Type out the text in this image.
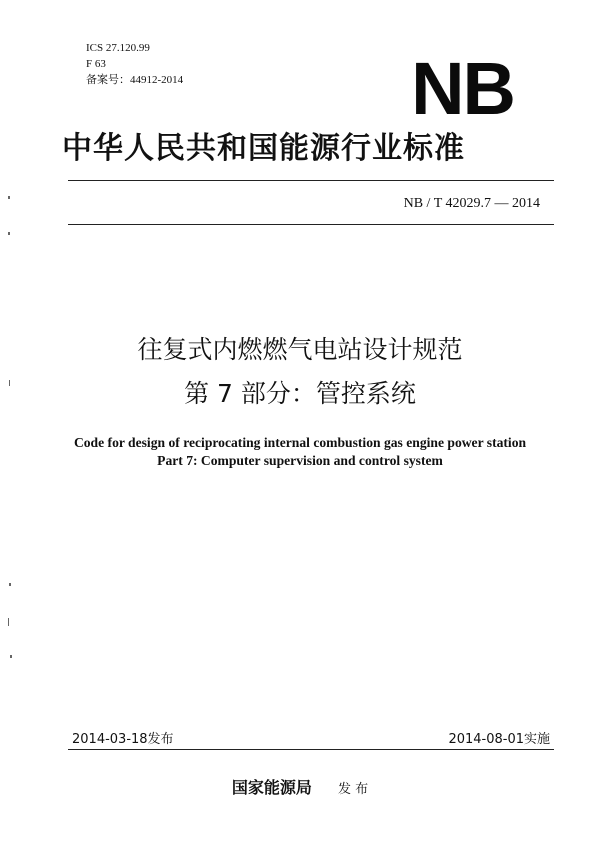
ICS 27.120.99
F 63
备案号：44912-2014	NB
中华人民共和国能源行业标准
NB / T 42029.7 — 2014
往复式内燃燃气电站设计规范
第 7 部分：管控系统
Code for design of reciprocating internal combustion gas engine power station
Part 7: Computer supervision and control system
2014-03-18发布	2014-08-01实施
国家能源局 发 布
